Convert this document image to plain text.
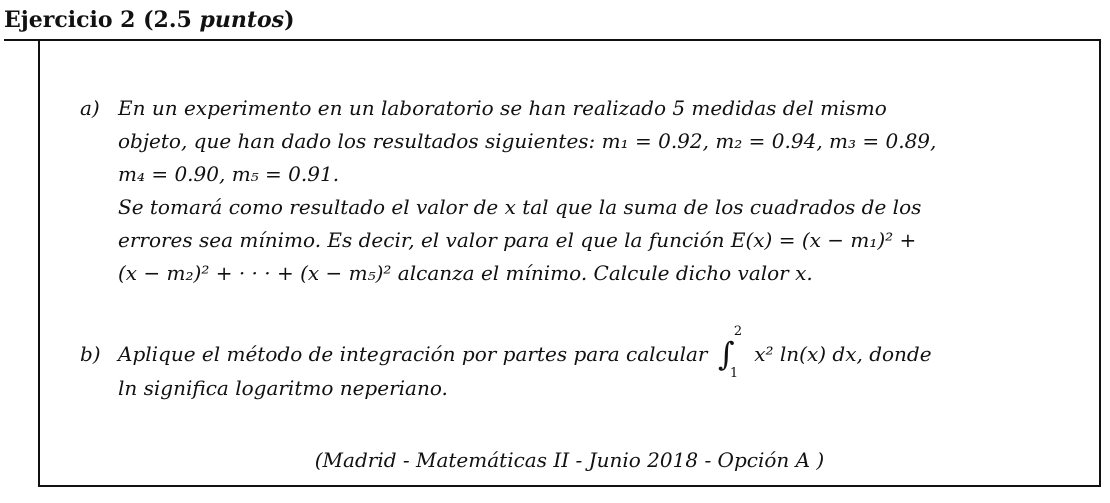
Ejercicio 2 (2.5 puntos)
a) En un experimento en un laboratorio se han realizado 5 medidas del mismo
objeto, que han dado los resultados siguientes: m₁ = 0.92, m₂ = 0.94, m₃ = 0.89,
m₄ = 0.90, m₅ = 0.91.
Se tomará como resultado el valor de x tal que la suma de los cuadrados de los
errores sea mínimo. Es decir, el valor para el que la función E(x) = (x − m₁)² +
(x − m₂)² + · · · + (x − m₅)² alcanza el mínimo. Calcule dicho valor x.
b) Aplique el método de integración por partes para calcular ∫
2
1
x² ln(x) dx, donde
ln significa logaritmo neperiano.
(Madrid - Matemáticas II - Junio 2018 - Opción A )
